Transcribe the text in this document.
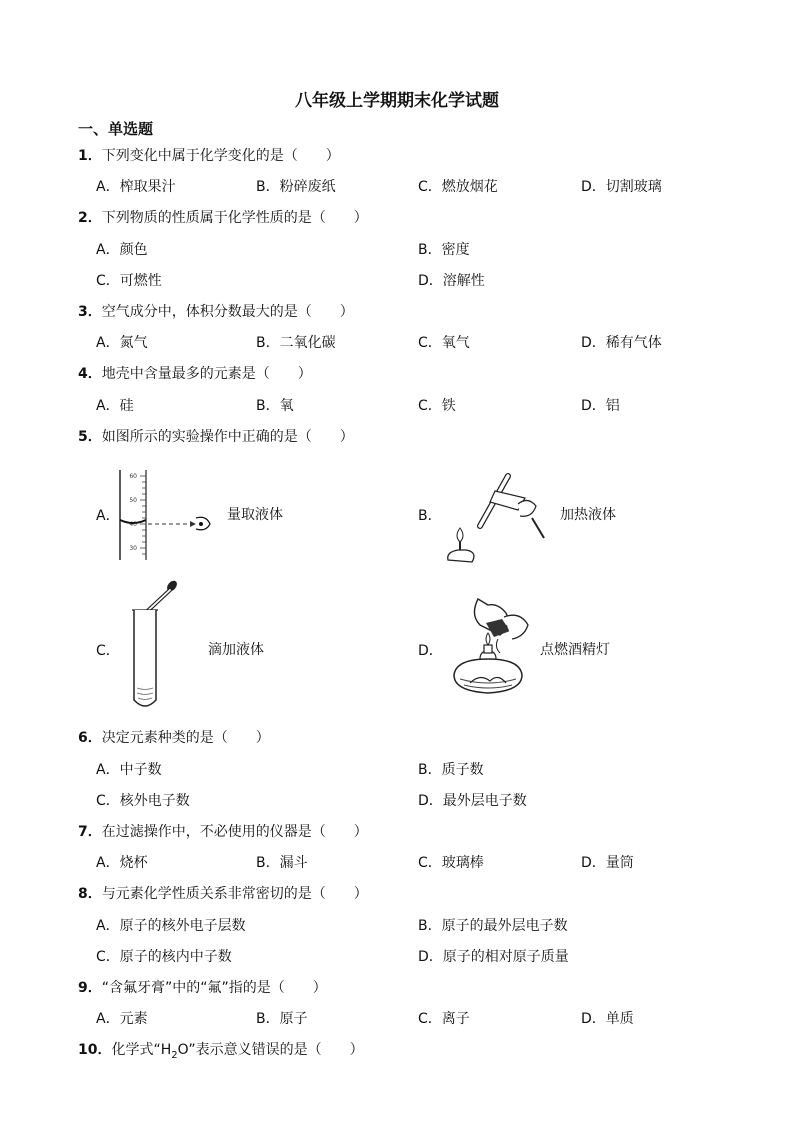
八年级上学期期末化学试题
一、单选题
1．下列变化中属于化学变化的是（　　）
A．榨取果汁	B．粉碎废纸	C．燃放烟花	D．切割玻璃
2．下列物质的性质属于化学性质的是（　　）
A．颜色	B．密度
C．可燃性	D．溶解性
3．空气成分中，体积分数最大的是（　　）
A．氮气	B．二氧化碳	C．氧气	D．稀有气体
4．地壳中含量最多的元素是（　　）
A．硅	B．氧	C．铁	D．铝
5．如图所示的实验操作中正确的是（　　）
A．
60
50
40
30
量取液体	B．	加热液体
C．	滴加液体	D．	点燃酒精灯
6．决定元素种类的是（　　）
A．中子数	B．质子数
C．核外电子数	D．最外层电子数
7．在过滤操作中，不必使用的仪器是（　　）
A．烧杯	B．漏斗	C．玻璃棒	D．量筒
8．与元素化学性质关系非常密切的是（　　）
A．原子的核外电子层数	B．原子的最外层电子数
C．原子的核内中子数	D．原子的相对原子质量
9．“含氟牙膏”中的“氟”指的是（　　）
A．元素	B．原子	C．离子	D．单质
10．化学式“$H_2O$”表示意义错误的是（　　）
